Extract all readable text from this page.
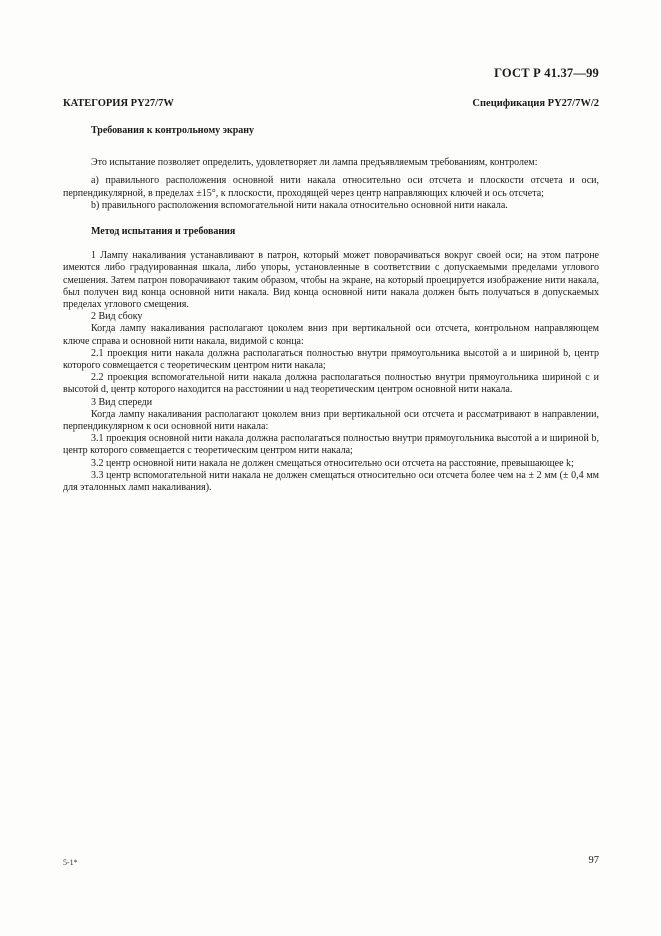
ГОСТ Р 41.37—99
КАТЕГОРИЯ PY27/7W	Спецификация PY27/7W/2
Требования к контрольному экрану

Это испытание позволяет определить, удовлетворяет ли лампа предъявляемым требованиям, контролем:

а) правильного расположения основной нити накала относительно оси отсчета и плоскости отсчета и оси, перпендикулярной, в пределах ±15°, к плоскости, проходящей через центр направляющих ключей и ось отсчета;

b) правильного расположения вспомогательной нити накала относительно основной нити накала.

Метод испытания и требования

1 Лампу накаливания устанавливают в патрон, который может поворачиваться вокруг своей оси; на этом патроне имеются либо градуированная шкала, либо упоры, установленные в соответствии с допускаемыми пределами углового смешения. Затем патрон поворачивают таким образом, чтобы на экране, на который проецируется изображение нити накала, был получен вид конца основной нити накала. Вид конца основной нити накала должен быть получаться в допускаемых пределах углового смещения.

2 Вид сбоку

Когда лампу накаливания располагают цоколем вниз при вертикальной оси отсчета, контрольном направляющем ключе справа и основной нити накала, видимой с конца:

2.1 проекция нити накала должна располагаться полностью внутри прямоугольника высотой a и шириной b, центр которого совмещается с теоретическим центром нити накала;

2.2 проекция вспомогательной нити накала должна располагаться полностью внутри прямоугольника шириной c и высотой d, центр которого находится на расстоянии u над теоретическим центром основной нити накала.

3 Вид спереди

Когда лампу накаливания располагают цоколем вниз при вертикальной оси отсчета и рассматривают в направлении, перпендикулярном к оси основной нити накала:

3.1 проекция основной нити накала должна располагаться полностью внутри прямоугольника высотой a и шириной b, центр которого совмещается с теоретическим центром нити накала;

3.2 центр основной нити накала не должен смещаться относительно оси отсчета на расстояние, превышающее k;

3.3 центр вспомогательной нити накала не должен смещаться относительно оси отсчета более чем на ± 2 мм (± 0,4 мм для эталонных ламп накаливания).

5-1*	97
